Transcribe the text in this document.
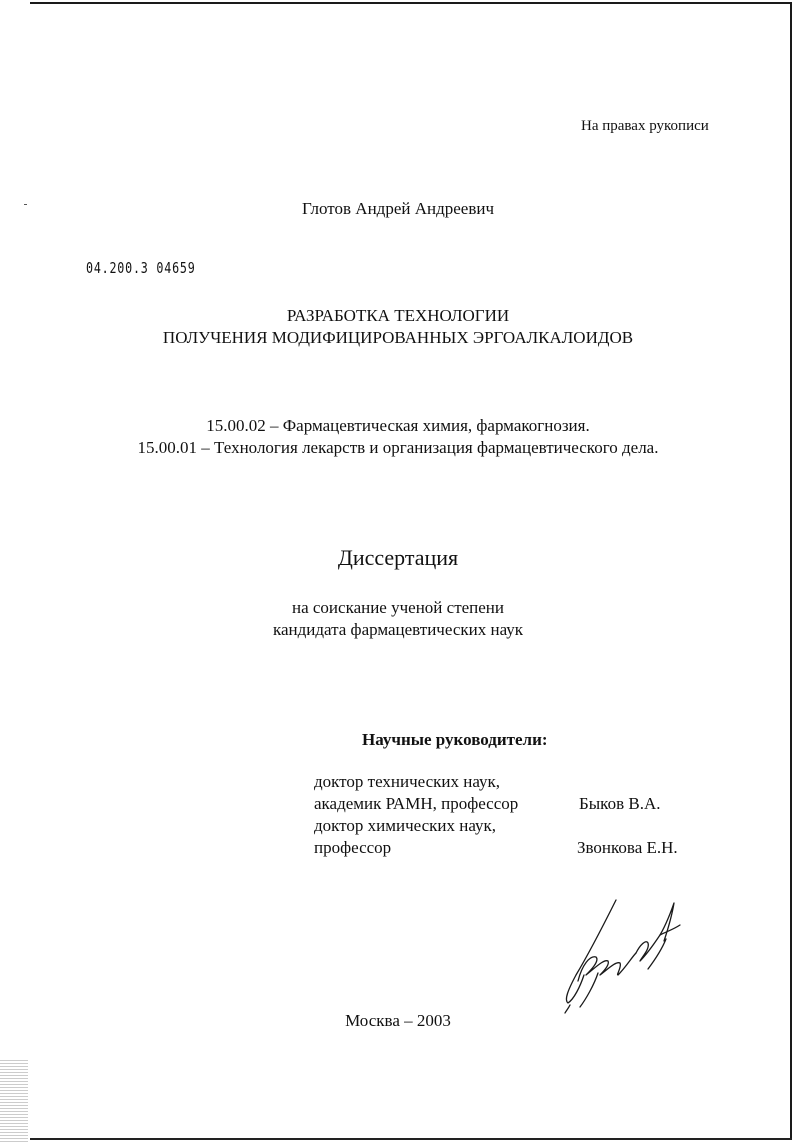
На правах рукописи
Глотов Андрей Андреевич
04.200.3 04659
РАЗРАБОТКА ТЕХНОЛОГИИ
ПОЛУЧЕНИЯ МОДИФИЦИРОВАННЫХ ЭРГОАЛКАЛОИДОВ
15.00.02 – Фармацевтическая химия, фармакогнозия.
15.00.01 – Технология лекарств и организация фармацевтического дела.
Диссертация
на соискание ученой степени
кандидата фармацевтических наук
Научные руководители:
доктор технических наук,
академик РАМН, профессор	Быков В.А.
доктор химических наук,
профессор	Звонкова Е.Н.
Москва – 2003
